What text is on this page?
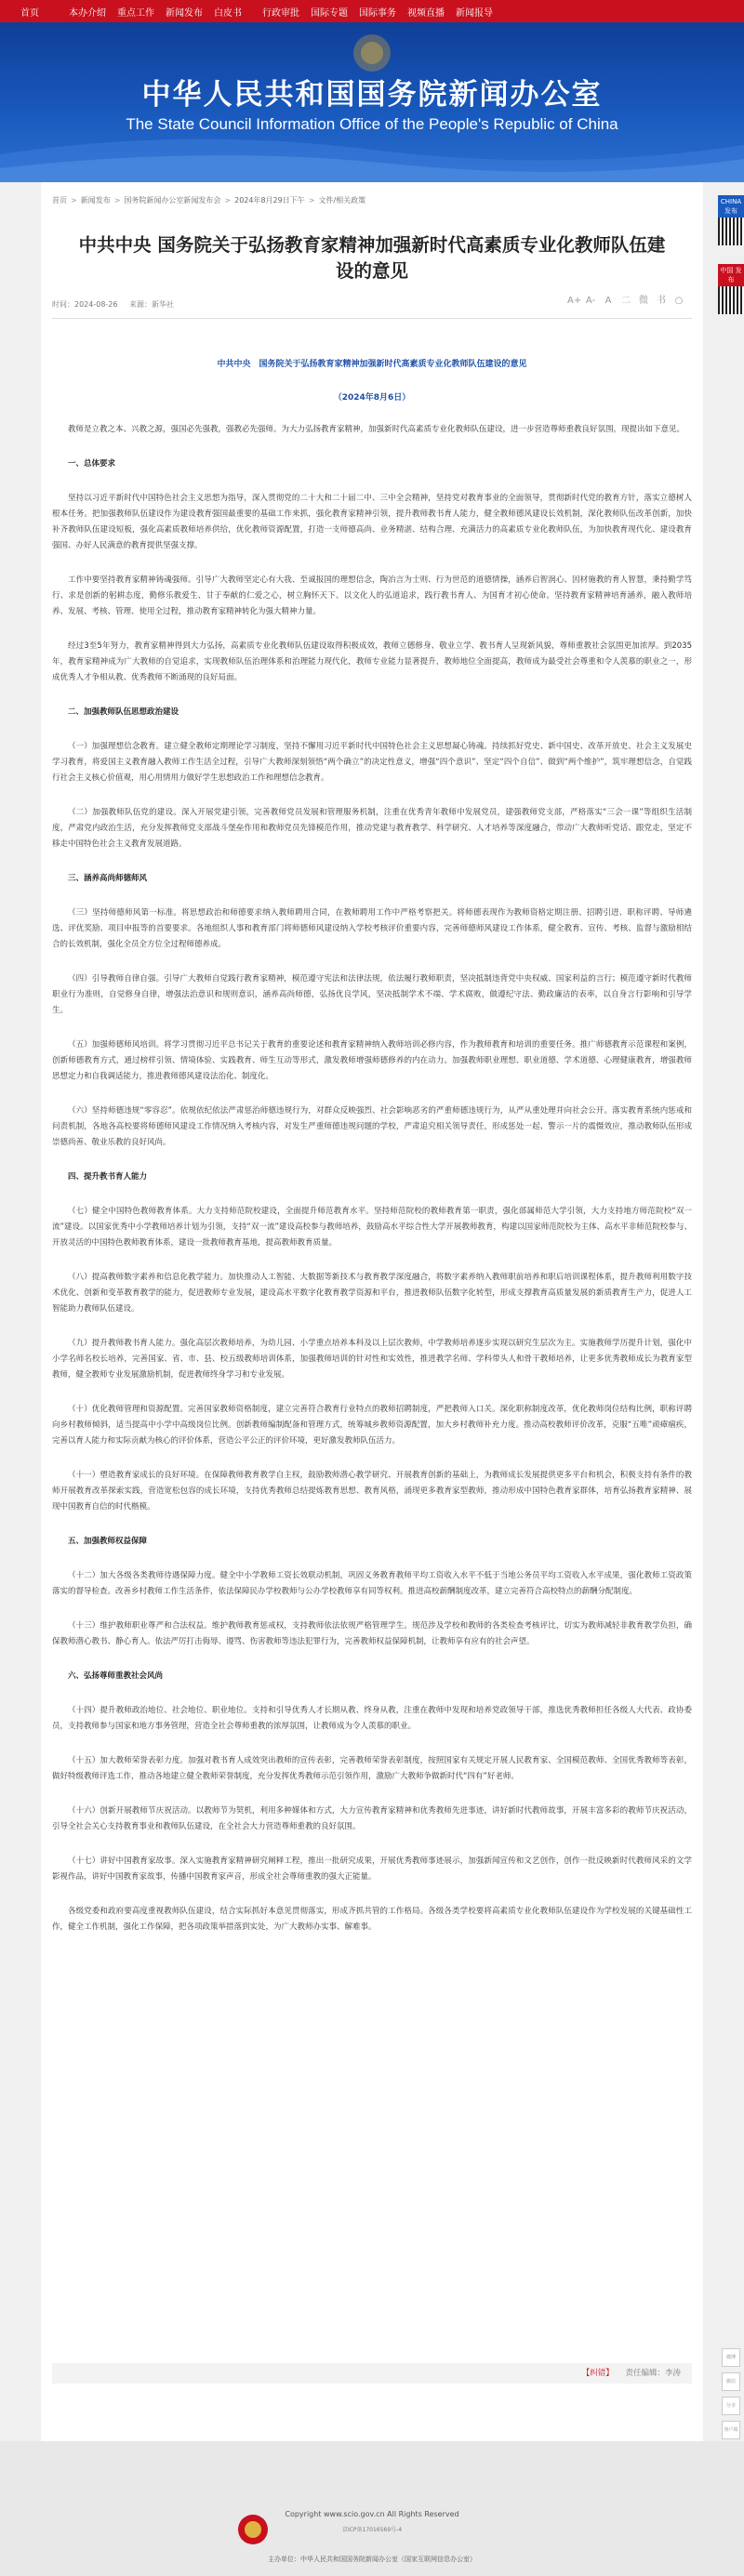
首页	本办介绍	重点工作	新闻发布	白皮书	行政审批	国际专题	国际事务	视频直播	新闻报导
中华人民共和国国务院新闻办公室
The State Council Information Office of the People's Republic of China
首页 > 新闻发布 > 国务院新闻办公室新闻发布会 > 2024年8月29日下午 > 文件/相关政策
中共中央 国务院关于弘扬教育家精神加强新时代高素质专业化教师队伍建设的意见
时间：2024-08-26 来源：新华社	A+ A- A 二 微 书 ○
中共中央　国务院关于弘扬教育家精神加强新时代高素质专业化教师队伍建设的意见
（2024年8月6日）

教师是立教之本、兴教之源，强国必先强教，强教必先强师。为大力弘扬教育家精神，加强新时代高素质专业化教师队伍建设，进一步营造尊师重教良好氛围，现提出如下意见。

一、总体要求

坚持以习近平新时代中国特色社会主义思想为指导，深入贯彻党的二十大和二十届二中、三中全会精神，坚持党对教育事业的全面领导，贯彻新时代党的教育方针，落实立德树人根本任务。把加强教师队伍建设作为建设教育强国最重要的基础工作来抓，强化教育家精神引领，提升教师教书育人能力，健全教师德风建设长效机制，深化教师队伍改革创新，加快补齐教师队伍建设短板，强化高素质教师培养供给，优化教师资源配置，打造一支师德高尚、业务精湛、结构合理、充满活力的高素质专业化教师队伍，为加快教育现代化、建设教育强国、办好人民满意的教育提供坚强支撑。

工作中要坚持教育家精神铸魂强师。引导广大教师坚定心有大我、至诚报国的理想信念，陶冶言为士则、行为世范的道德情操，涵养启智润心、因材施教的育人智慧，秉持勤学笃行、求是创新的躬耕态度，勤修乐教爱生、甘于奉献的仁爱之心，树立胸怀天下、以文化人的弘道追求，践行教书育人、为国育才初心使命。坚持教育家精神培育涵养，融入教师培养、发展、考核、管理、使用全过程，推动教育家精神转化为强大精神力量。

经过3至5年努力，教育家精神得到大力弘扬，高素质专业化教师队伍建设取得积极成效，教师立德修身、敬业立学、教书育人呈现新风貌，尊师重教社会氛围更加浓厚。到2035年，教育家精神成为广大教师的自觉追求，实现教师队伍治理体系和治理能力现代化，教师专业能力显著提升，教师地位全面提高，教师成为最受社会尊重和令人羡慕的职业之一，形成优秀人才争相从教、优秀教师不断涌现的良好局面。

二、加强教师队伍思想政治建设

（一）加强理想信念教育。建立健全教师定期理论学习制度，坚持不懈用习近平新时代中国特色社会主义思想凝心铸魂。持续抓好党史、新中国史、改革开放史、社会主义发展史学习教育，将爱国主义教育融入教师工作生活全过程，引导广大教师深刻领悟“两个确立”的决定性意义，增强“四个意识”、坚定“四个自信”、做到“两个维护”，筑牢理想信念，自觉践行社会主义核心价值观，用心用情用力做好学生思想政治工作和理想信念教育。

（二）加强教师队伍党的建设。深入开展党建引领，完善教师党员发展和管理服务机制，注重在优秀青年教师中发展党员，建强教师党支部，严格落实“三会一课”等组织生活制度，严肃党内政治生活，充分发挥教师党支部战斗堡垒作用和教师党员先锋模范作用，推动党建与教育教学、科学研究、人才培养等深度融合，带动广大教师听党话、跟党走，坚定不移走中国特色社会主义教育发展道路。

三、涵养高尚师德师风

（三）坚持师德师风第一标准。将思想政治和师德要求纳入教师聘用合同，在教师聘用工作中严格考察把关。将师德表现作为教师资格定期注册、招聘引进、职称评聘、导师遴选、评优奖励、项目申报等的首要要求。各地组织人事和教育部门将师德师风建设纳入学校考核评价重要内容，完善师德师风建设工作体系，健全教育、宣传、考核、监督与激励相结合的长效机制，强化全员全方位全过程师德养成。

（四）引导教师自律自强。引导广大教师自觉践行教育家精神，模范遵守宪法和法律法规，依法履行教师职责，坚决抵制违背党中央权威、国家利益的言行；模范遵守新时代教师职业行为准则，自觉修身自律，增强法治意识和规则意识，涵养高尚师德，弘扬优良学风，坚决抵制学术不端、学术腐败，做遵纪守法、勤政廉洁的表率，以自身言行影响和引导学生。

（五）加强师德师风培训。将学习贯彻习近平总书记关于教育的重要论述和教育家精神纳入教师培训必修内容，作为教师教育和培训的重要任务。推广师德教育示范课程和案例，创新师德教育方式，通过榜样引领、情境体验、实践教育、师生互动等形式，激发教师增强师德修养的内在动力。加强教师职业理想、职业道德、学术道德、心理健康教育，增强教师思想定力和自我调适能力，推进教师德风建设法治化、制度化。

（六）坚持师德违规“零容忍”。依规依纪依法严肃惩治师德违规行为，对群众反映强烈、社会影响恶劣的严重师德违规行为，从严从重处理并向社会公开。落实教育系统内惩戒和问责机制，各地各高校要将师德师风建设工作情况纳入考核内容，对发生严重师德违规问题的学校，严肃追究相关领导责任，形成惩处一起、警示一片的震慑效应，推动教师队伍形成崇德尚善、敬业乐教的良好风尚。

四、提升教书育人能力

（七）健全中国特色教师教育体系。大力支持师范院校建设，全面提升师范教育水平。坚持师范院校的教师教育第一职责，强化部属师范大学引领，大力支持地方师范院校“双一流”建设。以国家优秀中小学教师培养计划为引领，支持“双一流”建设高校参与教师培养，鼓励高水平综合性大学开展教师教育，构建以国家师范院校为主体、高水平非师范院校参与、开放灵活的中国特色教师教育体系，建设一批教师教育基地，提高教师教育质量。

（八）提高教师数字素养和信息化教学能力。加快推动人工智能、大数据等新技术与教育教学深度融合，将数字素养纳入教师职前培养和职后培训课程体系，提升教师利用数字技术优化、创新和变革教育教学的能力，促进教师专业发展，建设高水平数字化教育教学资源和平台，推进教师队伍数字化转型，形成支撑教育高质量发展的新质教育生产力，促进人工智能助力教师队伍建设。

（九）提升教师教书育人能力。强化高层次教师培养，为幼儿园、小学重点培养本科及以上层次教师，中学教师培养逐步实现以研究生层次为主。实施教师学历提升计划，强化中小学名师名校长培养，完善国家、省、市、县、校五级教师培训体系，加强教师培训的针对性和实效性，推进教学名师、学科带头人和骨干教师培养，让更多优秀教师成长为教育家型教师，健全教师专业发展激励机制，促进教师终身学习和专业发展。

（十）优化教师管理和资源配置。完善国家教师资格制度，建立完善符合教育行业特点的教师招聘制度，严把教师入口关。深化职称制度改革，优化教师岗位结构比例，职称评聘向乡村教师倾斜，适当提高中小学中高级岗位比例。创新教师编制配备和管理方式，统筹城乡教师资源配置，加大乡村教师补充力度。推动高校教师评价改革，克服“五唯”顽瘴痼疾，完善以育人能力和实际贡献为核心的评价体系，营造公平公正的评价环境，更好激发教师队伍活力。

（十一）塑造教育家成长的良好环境。在保障教师教育教学自主权，鼓励教师潜心教学研究、开展教育创新的基础上，为教师成长发展提供更多平台和机会，积极支持有条件的教师开展教育改革探索实践，营造宽松包容的成长环境，支持优秀教师总结提炼教育思想、教育风格，涌现更多教育家型教师，推动形成中国特色教育家群体，培育弘扬教育家精神、展现中国教育自信的时代楷模。

五、加强教师权益保障

（十二）加大各级各类教师待遇保障力度。健全中小学教师工资长效联动机制，巩固义务教育教师平均工资收入水平不低于当地公务员平均工资收入水平成果，强化教师工资政策落实的督导检查。改善乡村教师工作生活条件，依法保障民办学校教师与公办学校教师享有同等权利。推进高校薪酬制度改革，建立完善符合高校特点的薪酬分配制度。

（十三）维护教师职业尊严和合法权益。维护教师教育惩戒权，支持教师依法依规严格管理学生。规范涉及学校和教师的各类检查考核评比，切实为教师减轻非教育教学负担，确保教师潜心教书、静心育人。依法严厉打击侮辱、谩骂、伤害教师等违法犯罪行为，完善教师权益保障机制，让教师享有应有的社会声望。

六、弘扬尊师重教社会风尚

（十四）提升教师政治地位、社会地位、职业地位。支持和引导优秀人才长期从教、终身从教，注重在教师中发现和培养党政领导干部，推选优秀教师担任各级人大代表、政协委员，支持教师参与国家和地方事务管理，营造全社会尊师重教的浓厚氛围，让教师成为令人羡慕的职业。

（十五）加大教师荣誉表彰力度。加强对教书育人成效突出教师的宣传表彰，完善教师荣誉表彰制度，按照国家有关规定开展人民教育家、全国模范教师、全国优秀教师等表彰，做好特级教师评选工作，推动各地建立健全教师荣誉制度，充分发挥优秀教师示范引领作用，激励广大教师争做新时代“四有”好老师。

（十六）创新开展教师节庆祝活动。以教师节为契机，利用多种媒体和方式，大力宣传教育家精神和优秀教师先进事迹，讲好新时代教师故事，开展丰富多彩的教师节庆祝活动，引导全社会关心支持教育事业和教师队伍建设，在全社会大力营造尊师重教的良好氛围。

（十七）讲好中国教育家故事。深入实施教育家精神研究阐释工程，推出一批研究成果，开展优秀教师事迹展示，加强新闻宣传和文艺创作，创作一批反映新时代教师风采的文学影视作品，讲好中国教育家故事，传播中国教育家声音，形成全社会尊师重教的强大正能量。

各级党委和政府要高度重视教师队伍建设，结合实际抓好本意见贯彻落实，形成齐抓共管的工作格局。各级各类学校要将高素质专业化教师队伍建设作为学校发展的关键基础性工作，健全工作机制，强化工作保障，把各项政策举措落到实处，为广大教师办实事、解难事。

【纠错】 责任编辑：李涛
CHINA 发布
中国 发布
微博
微信
分享
客户端
Copyright www.scio.gov.cn All Rights Reserved
京ICP备17016569号-4
主办单位：中华人民共和国国务院新闻办公室（国家互联网信息办公室）
